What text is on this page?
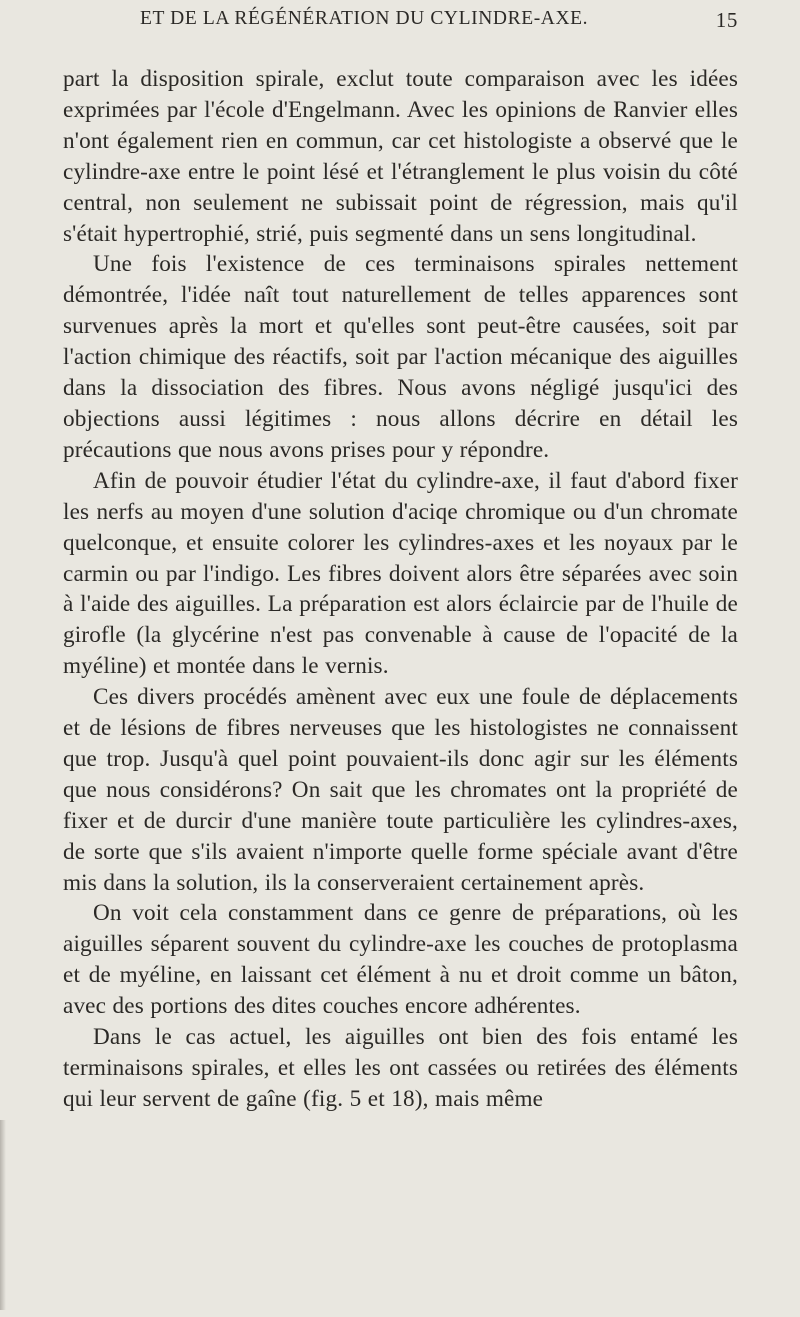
ET DE LA RÉGÉNÉRATION DU CYLINDRE-AXE.	15

part la disposition spirale, exclut toute comparaison avec les idées exprimées par l'école d'Engelmann. Avec les opinions de Ranvier elles n'ont également rien en commun, car cet histologiste a observé que le cylindre-axe entre le point lésé et l'étranglement le plus voisin du côté central, non seulement ne subissait point de régression, mais qu'il s'était hypertrophié, strié, puis segmenté dans un sens longitudinal.

Une fois l'existence de ces terminaisons spirales nettement démontrée, l'idée naît tout naturellement de telles apparences sont survenues après la mort et qu'elles sont peut-être causées, soit par l'action chimique des réactifs, soit par l'action mécanique des aiguilles dans la dissociation des fibres. Nous avons négligé jusqu'ici des objections aussi légitimes : nous allons décrire en détail les précautions que nous avons prises pour y répondre.

Afin de pouvoir étudier l'état du cylindre-axe, il faut d'abord fixer les nerfs au moyen d'une solution d'aciqe chromique ou d'un chromate quelconque, et ensuite colorer les cylindres-axes et les noyaux par le carmin ou par l'indigo. Les fibres doivent alors être séparées avec soin à l'aide des aiguilles. La préparation est alors éclaircie par de l'huile de girofle (la glycérine n'est pas convenable à cause de l'opacité de la myéline) et montée dans le vernis.

Ces divers procédés amènent avec eux une foule de déplacements et de lésions de fibres nerveuses que les histologistes ne connaissent que trop. Jusqu'à quel point pouvaient-ils donc agir sur les éléments que nous considérons? On sait que les chromates ont la propriété de fixer et de durcir d'une manière toute particulière les cylindres-axes, de sorte que s'ils avaient n'importe quelle forme spéciale avant d'être mis dans la solution, ils la conserveraient certainement après.

On voit cela constamment dans ce genre de préparations, où les aiguilles séparent souvent du cylindre-axe les couches de protoplasma et de myéline, en laissant cet élément à nu et droit comme un bâton, avec des portions des dites couches encore adhérentes.

Dans le cas actuel, les aiguilles ont bien des fois entamé les terminaisons spirales, et elles les ont cassées ou retirées des éléments qui leur servent de gaîne (fig. 5 et 18), mais même
